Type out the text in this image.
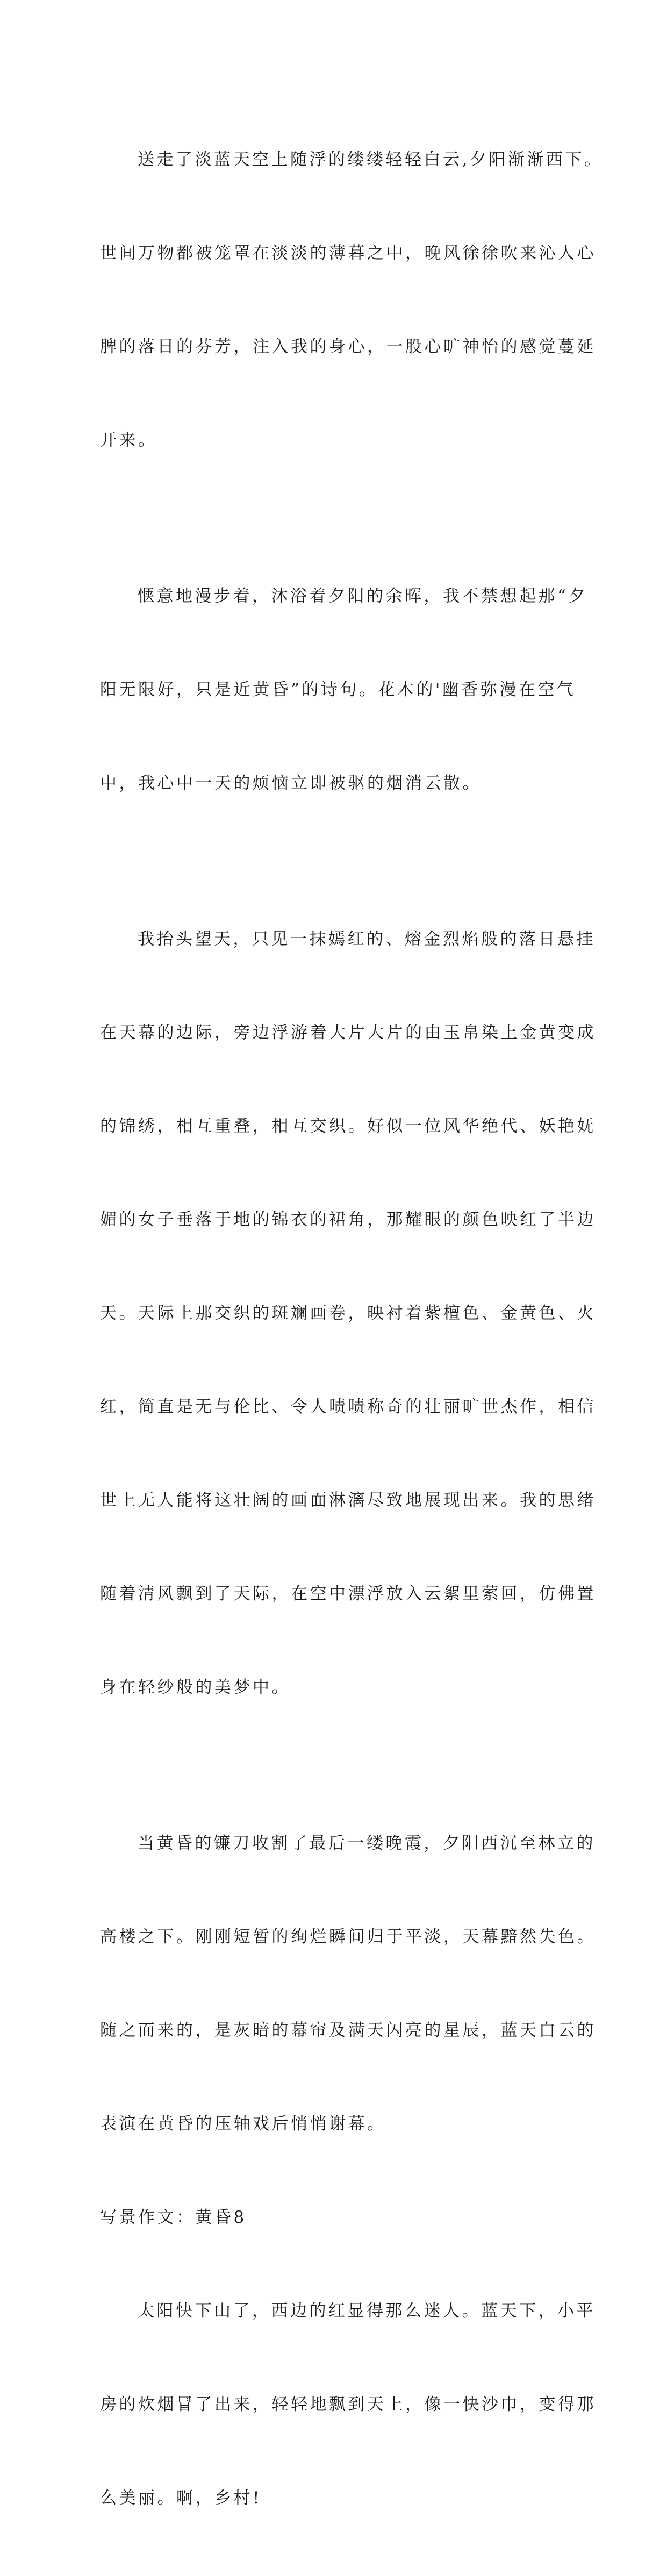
送走了淡蓝天空上随浮的缕缕轻轻白云,夕阳渐渐西下。

世间万物都被笼罩在淡淡的薄暮之中，晚风徐徐吹来沁人心

脾的落日的芬芳，注入我的身心，一股心旷神怡的感觉蔓延

开来。

惬意地漫步着，沐浴着夕阳的余晖，我不禁想起那“夕

阳无限好，只是近黄昏”的诗句。花木的'幽香弥漫在空气

中，我心中一天的烦恼立即被驱的烟消云散。

我抬头望天，只见一抹嫣红的、熔金烈焰般的落日悬挂

在天幕的边际，旁边浮游着大片大片的由玉帛染上金黄变成

的锦绣，相互重叠，相互交织。好似一位风华绝代、妖艳妩

媚的女子垂落于地的锦衣的裙角，那耀眼的颜色映红了半边

天。天际上那交织的斑斓画卷，映衬着紫檀色、金黄色、火

红，简直是无与伦比、令人啧啧称奇的壮丽旷世杰作，相信

世上无人能将这壮阔的画面淋漓尽致地展现出来。我的思绪

随着清风飘到了天际，在空中漂浮放入云絮里萦回，仿佛置

身在轻纱般的美梦中。

当黄昏的镰刀收割了最后一缕晚霞，夕阳西沉至林立的

高楼之下。刚刚短暂的绚烂瞬间归于平淡，天幕黯然失色。

随之而来的，是灰暗的幕帘及满天闪亮的星辰，蓝天白云的

表演在黄昏的压轴戏后悄悄谢幕。

写景作文：黄昏8

太阳快下山了，西边的红显得那么迷人。蓝天下，小平

房的炊烟冒了出来，轻轻地飘到天上，像一快沙巾，变得那

么美丽。啊，乡村!
